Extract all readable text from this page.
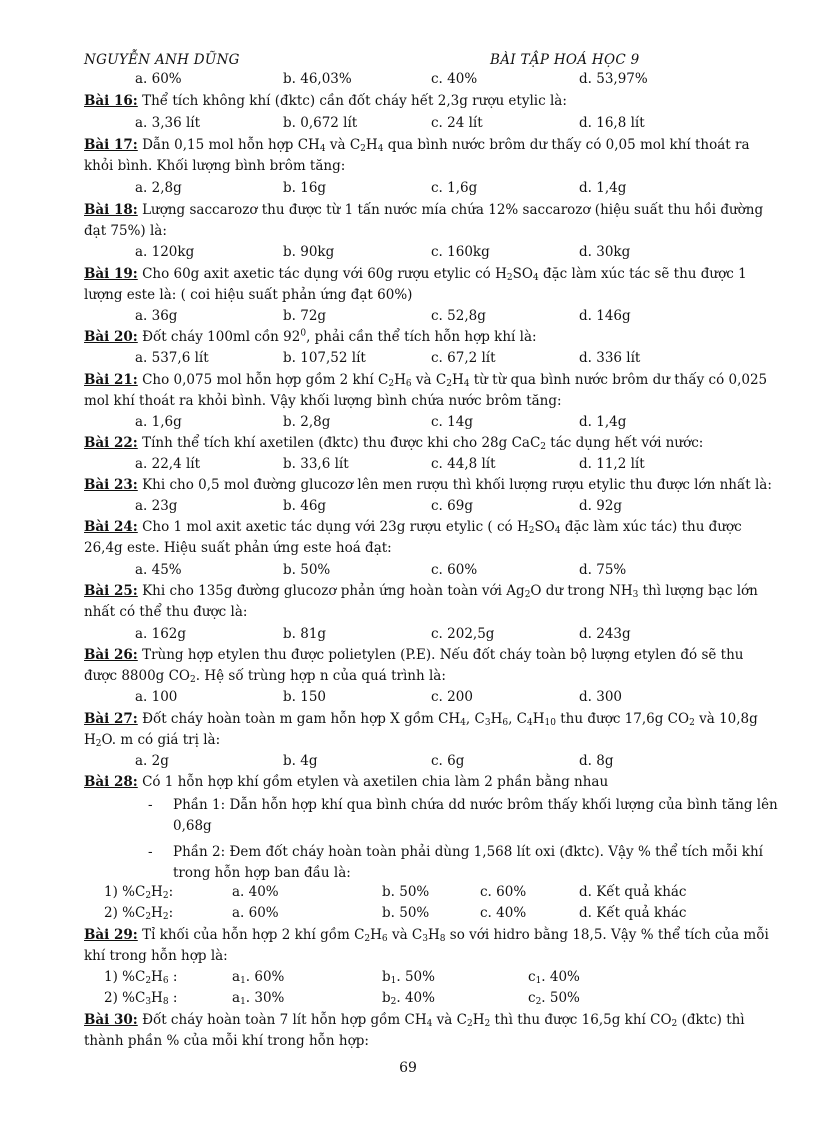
NGUYỄN ANH DŨNG	BÀI TẬP HOÁ HỌC 9
a. 60%	b. 46,03%	c. 40%	d. 53,97%
Bài 16: Thể tích không khí (đktc) cần đốt cháy hết 2,3g rượu etylic là:
a. 3,36 lít	b. 0,672 lít	c. 24 lít	d. 16,8 lít
Bài 17: Dẫn 0,15 mol hỗn hợp $CH_4$ và $C_2H_4$ qua bình nước brôm dư thấy có 0,05 mol khí thoát ra
khỏi bình. Khối lượng bình brôm tăng:
a. 2,8g	b. 16g	c. 1,6g	d. 1,4g
Bài 18: Lượng saccarozơ thu được từ 1 tấn nước mía chứa 12% saccarozơ (hiệu suất thu hồi đường
đạt 75%) là:
a. 120kg	b. 90kg	c. 160kg	d. 30kg
Bài 19: Cho 60g axit axetic tác dụng với 60g rượu etylic có $H_2SO_4$ đặc làm xúc tác sẽ thu được 1
lượng este là: ( coi hiệu suất phản ứng đạt 60%)
a. 36g	b. 72g	c. 52,8g	d. 146g
Bài 20: Đốt cháy 100ml cồn $92^0$, phải cần thể tích hỗn hợp khí là:
a. 537,6 lít	b. 107,52 lít	c. 67,2 lít	d. 336 lít
Bài 21: Cho 0,075 mol hỗn hợp gồm 2 khí $C_2H_6$ và $C_2H_4$ từ từ qua bình nước brôm dư thấy có 0,025
mol khí thoát ra khỏi bình. Vậy khối lượng bình chứa nước brôm tăng:
a. 1,6g	b. 2,8g	c. 14g	d. 1,4g
Bài 22: Tính thể tích khí axetilen (đktc) thu được khi cho 28g CaC$_2$ tác dụng hết với nước:
a. 22,4 lít	b. 33,6 lít	c. 44,8 lít	d. 11,2 lít
Bài 23: Khi cho 0,5 mol đường glucozơ lên men rượu thì khối lượng rượu etylic thu được lớn nhất là:
a. 23g	b. 46g	c. 69g	d. 92g
Bài 24: Cho 1 mol axit axetic tác dụng với 23g rượu etylic ( có $H_2SO_4$ đặc làm xúc tác) thu được
26,4g este. Hiệu suất phản ứng este hoá đạt:
a. 45%	b. 50%	c. 60%	d. 75%
Bài 25: Khi cho 135g đường glucozơ phản ứng hoàn toàn với $Ag_2O$ dư trong $NH_3$ thì lượng bạc lớn
nhất có thể thu được là:
a. 162g	b. 81g	c. 202,5g	d. 243g
Bài 26: Trùng hợp etylen thu được polietylen (P.E). Nếu đốt cháy toàn bộ lượng etylen đó sẽ thu
được 8800g $CO_2$. Hệ số trùng hợp n của quá trình là:
a. 100	b. 150	c. 200	d. 300
Bài 27: Đốt cháy hoàn toàn m gam hỗn hợp X gồm $CH_4$, $C_3H_6$, $C_4H_{10}$ thu được 17,6g $CO_2$ và 10,8g
$H_2O$. m có giá trị là:
a. 2g	b. 4g	c. 6g	d. 8g
Bài 28: Có 1 hỗn hợp khí gồm etylen và axetilen chia làm 2 phần bằng nhau
- Phần 1: Dẫn hỗn hợp khí qua bình chứa dd nước brôm thấy khối lượng của bình tăng lên
0,68g
- Phần 2: Đem đốt cháy hoàn toàn phải dùng 1,568 lít oxi (đktc). Vậy % thể tích mỗi khí
trong hỗn hợp ban đầu là:
1) $\%C_2H_2$:	a. 40%	b. 50%	c. 60%	d. Kết quả khác
2) $\%C_2H_2$:	a. 60%	b. 50%	c. 40%	d. Kết quả khác
Bài 29: Tỉ khối của hỗn hợp 2 khí gồm $C_2H_6$ và $C_3H_8$ so với hidro bằng 18,5. Vậy % thể tích của mỗi
khí trong hỗn hợp là:
1) $\%C_2H_6$ :	$a_1$. 60%	$b_1$. 50%	$c_1$. 40%
2) $\%C_3H_8$ :	$a_1$. 30%	$b_2$. 40%	$c_2$. 50%
Bài 30: Đốt cháy hoàn toàn 7 lít hỗn hợp gồm $CH_4$ và $C_2H_2$ thì thu được 16,5g khí $CO_2$ (đktc) thì
thành phần % của mỗi khí trong hỗn hợp:
69
